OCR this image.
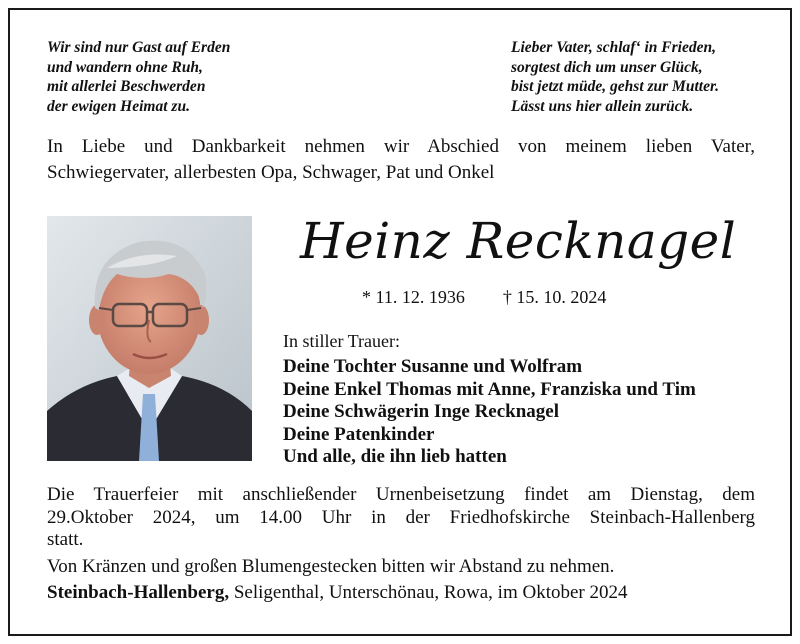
Wir sind nur Gast auf Erden
und wandern ohne Ruh,
mit allerlei Beschwerden
der ewigen Heimat zu.
Lieber Vater, schlaf‘ in Frieden,
sorgtest dich um unser Glück,
bist jetzt müde, gehst zur Mutter.
Lässt uns hier allein zurück.
In Liebe und Dankbarkeit nehmen wir Abschied von meinem lieben Vater,
Schwiegervater, allerbesten Opa, Schwager, Pat und Onkel
Heinz Recknagel
* 11. 12. 1936 † 15. 10. 2024
In stiller Trauer:
Deine Tochter Susanne und Wolfram
Deine Enkel Thomas mit Anne, Franziska und Tim
Deine Schwägerin Inge Recknagel
Deine Patenkinder
Und alle, die ihn lieb hatten
Die Trauerfeier mit anschließender Urnenbeisetzung findet am Dienstag, dem
29.Oktober 2024, um 14.00 Uhr in der Friedhofskirche Steinbach-Hallenberg
statt.
Von Kränzen und großen Blumengestecken bitten wir Abstand zu nehmen.
Steinbach-Hallenberg, Seligenthal, Unterschönau, Rowa, im Oktober 2024
